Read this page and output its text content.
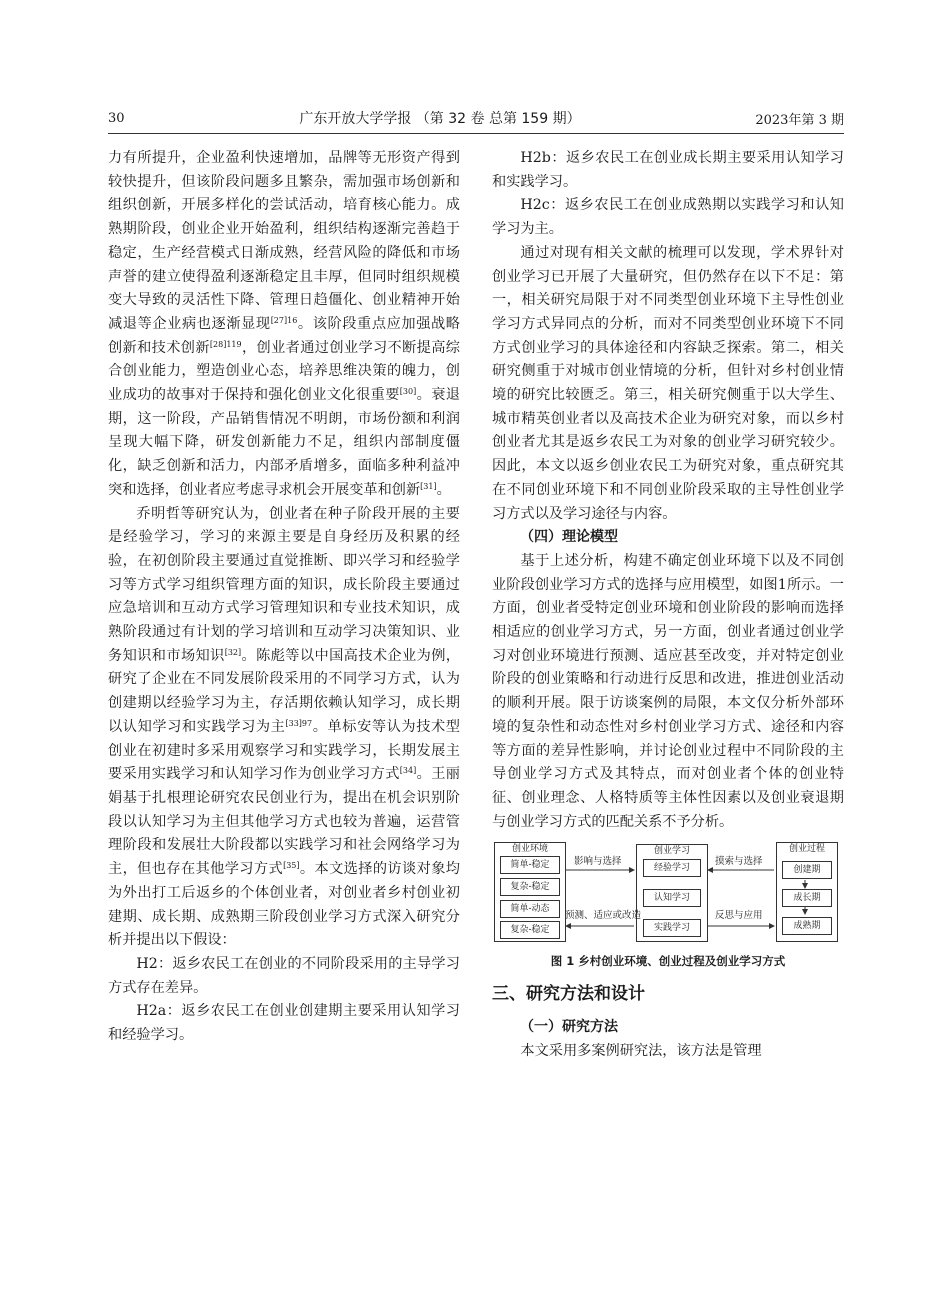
30	广东开放大学学报 （第 32 卷 总第 159 期）	2023年第 3 期

力有所提升，企业盈利快速增加，品牌等无形资产得到较快提升，但该阶段问题多且繁杂，需加强市场创新和组织创新，开展多样化的尝试活动，培育核心能力。成熟期阶段，创业企业开始盈利，组织结构逐渐完善趋于稳定，生产经营模式日渐成熟，经营风险的降低和市场声誉的建立使得盈利逐渐稳定且丰厚，但同时组织规模变大导致的灵活性下降、管理日趋僵化、创业精神开始减退等企业病也逐渐显现$^{[27]16}$。该阶段重点应加强战略创新和技术创新$^{[28]119}$，创业者通过创业学习不断提高综合创业能力，塑造创业心态，培养思维决策的魄力，创业成功的故事对于保持和强化创业文化很重要[30]。衰退期，这一阶段，产品销售情况不明朗，市场份额和利润呈现大幅下降，研发创新能力不足，组织内部制度僵化，缺乏创新和活力，内部矛盾增多，面临多种利益冲突和选择，创业者应考虑寻求机会开展变革和创新[31]。

乔明哲等研究认为，创业者在种子阶段开展的主要是经验学习，学习的来源主要是自身经历及积累的经验，在初创阶段主要通过直觉推断、即兴学习和经验学习等方式学习组织管理方面的知识，成长阶段主要通过应急培训和互动方式学习管理知识和专业技术知识，成熟阶段通过有计划的学习培训和互动学习决策知识、业务知识和市场知识[32]。陈彪等以中国高技术企业为例，研究了企业在不同发展阶段采用的不同学习方式，认为创建期以经验学习为主，存活期依赖认知学习，成长期以认知学习和实践学习为主$^{[33]97}$。单标安等认为技术型创业在初建时多采用观察学习和实践学习，长期发展主要采用实践学习和认知学习作为创业学习方式[34]。王丽娟基于扎根理论研究农民创业行为，提出在机会识别阶段以认知学习为主但其他学习方式也较为普遍，运营管理阶段和发展壮大阶段都以实践学习和社会网络学习为主，但也存在其他学习方式[35]。本文选择的访谈对象均为外出打工后返乡的个体创业者，对创业者乡村创业初建期、成长期、成熟期三阶段创业学习方式深入研究分析并提出以下假设：

H2：返乡农民工在创业的不同阶段采用的主导学习方式存在差异。

H2a：返乡农民工在创业创建期主要采用认知学习和经验学习。

H2b：返乡农民工在创业成长期主要采用认知学习和实践学习。

H2c：返乡农民工在创业成熟期以实践学习和认知学习为主。

通过对现有相关文献的梳理可以发现，学术界针对创业学习已开展了大量研究，但仍然存在以下不足：第一，相关研究局限于对不同类型创业环境下主导性创业学习方式异同点的分析，而对不同类型创业环境下不同方式创业学习的具体途径和内容缺乏探索。第二，相关研究侧重于对城市创业情境的分析，但针对乡村创业情境的研究比较匮乏。第三，相关研究侧重于以大学生、城市精英创业者以及高技术企业为研究对象，而以乡村创业者尤其是返乡农民工为对象的创业学习研究较少。因此，本文以返乡创业农民工为研究对象，重点研究其在不同创业环境下和不同创业阶段采取的主导性创业学习方式以及学习途径与内容。

（四）理论模型

基于上述分析，构建不确定创业环境下以及不同创业阶段创业学习方式的选择与应用模型，如图1所示。一方面，创业者受特定创业环境和创业阶段的影响而选择相适应的创业学习方式，另一方面，创业者通过创业学习对创业环境进行预测、适应甚至改变，并对特定创业阶段的创业策略和行动进行反思和改进，推进创业活动的顺利开展。限于访谈案例的局限，本文仅分析外部环境的复杂性和动态性对乡村创业学习方式、途径和内容等方面的差异性影响，并讨论创业过程中不同阶段的主导创业学习方式及其特点，而对创业者个体的创业特征、创业理念、人格特质等主体性因素以及创业衰退期与创业学习方式的匹配关系不予分析。

创业环境
简单-稳定
复杂-稳定
简单-动态
复杂-稳定
创业学习
经验学习
认知学习
实践学习
创业过程
创建期
成长期
成熟期
影响与选择
预测、适应或改造
摸索与选择
反思与应用
图 1 乡村创业环境、创业过程及创业学习方式
三、研究方法和设计

（一）研究方法

本文采用多案例研究法，该方法是管理
